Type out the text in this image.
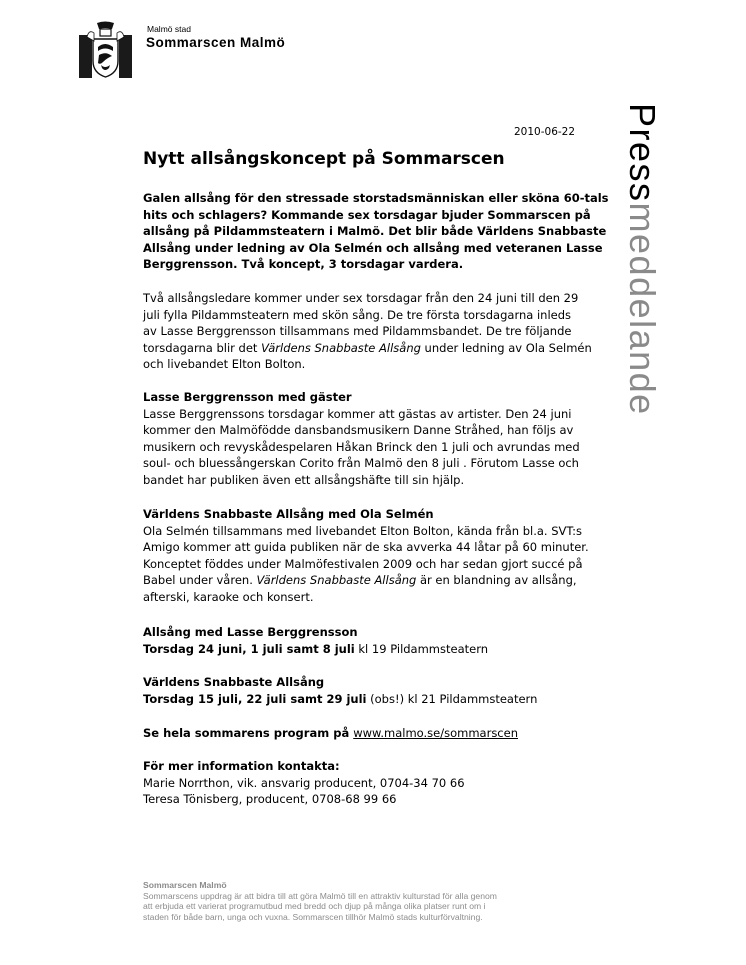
Malmö stad
Sommarscen Malmö
Pressmeddelande
2010-06-22
Nytt allsångskoncept på Sommarscen

Galen allsång för den stressade storstadsmänniskan eller sköna 60-tals

hits och schlagers? Kommande sex torsdagar bjuder Sommarscen på

allsång på Pildammsteatern i Malmö. Det blir både Världens Snabbaste

Allsång under ledning av Ola Selmén och allsång med veteranen Lasse

Berggrensson. Två koncept, 3 torsdagar vardera.

Två allsångsledare kommer under sex torsdagar från den 24 juni till den 29

juli fylla Pildammsteatern med skön sång. De tre första torsdagarna inleds

av Lasse Berggrensson tillsammans med Pildammsbandet. De tre följande

torsdagarna blir det Världens Snabbaste Allsång under ledning av Ola Selmén

och livebandet Elton Bolton.

Lasse Berggrensson med gäster

Lasse Berggrenssons torsdagar kommer att gästas av artister. Den 24 juni

kommer den Malmöfödde dansbandsmusikern Danne Stråhed, han följs av

musikern och revyskådespelaren Håkan Brinck den 1 juli och avrundas med

soul- och bluessångerskan Corito från Malmö den 8 juli . Förutom Lasse och

bandet har publiken även ett allsångshäfte till sin hjälp.

Världens Snabbaste Allsång med Ola Selmén

Ola Selmén tillsammans med livebandet Elton Bolton, kända från bl.a. SVT:s

Amigo kommer att guida publiken när de ska avverka 44 låtar på 60 minuter.

Konceptet föddes under Malmöfestivalen 2009 och har sedan gjort succé på

Babel under våren. Världens Snabbaste Allsång är en blandning av allsång,

afterski, karaoke och konsert.

Allsång med Lasse Berggrensson

Torsdag 24 juni, 1 juli samt 8 juli kl 19 Pildammsteatern

Världens Snabbaste Allsång

Torsdag 15 juli, 22 juli samt 29 juli (obs!) kl 21 Pildammsteatern

Se hela sommarens program på www.malmo.se/sommarscen

För mer information kontakta:

Marie Norrthon, vik. ansvarig producent, 0704-34 70 66

Teresa Tönisberg, producent, 0708-68 99 66

Sommarscen Malmö

Sommarscens uppdrag är att bidra till att göra Malmö till en attraktiv kulturstad för alla genom

att erbjuda ett varierat programutbud med bredd och djup på många olika platser runt om i

staden för både barn, unga och vuxna. Sommarscen tillhör Malmö stads kulturförvaltning.
